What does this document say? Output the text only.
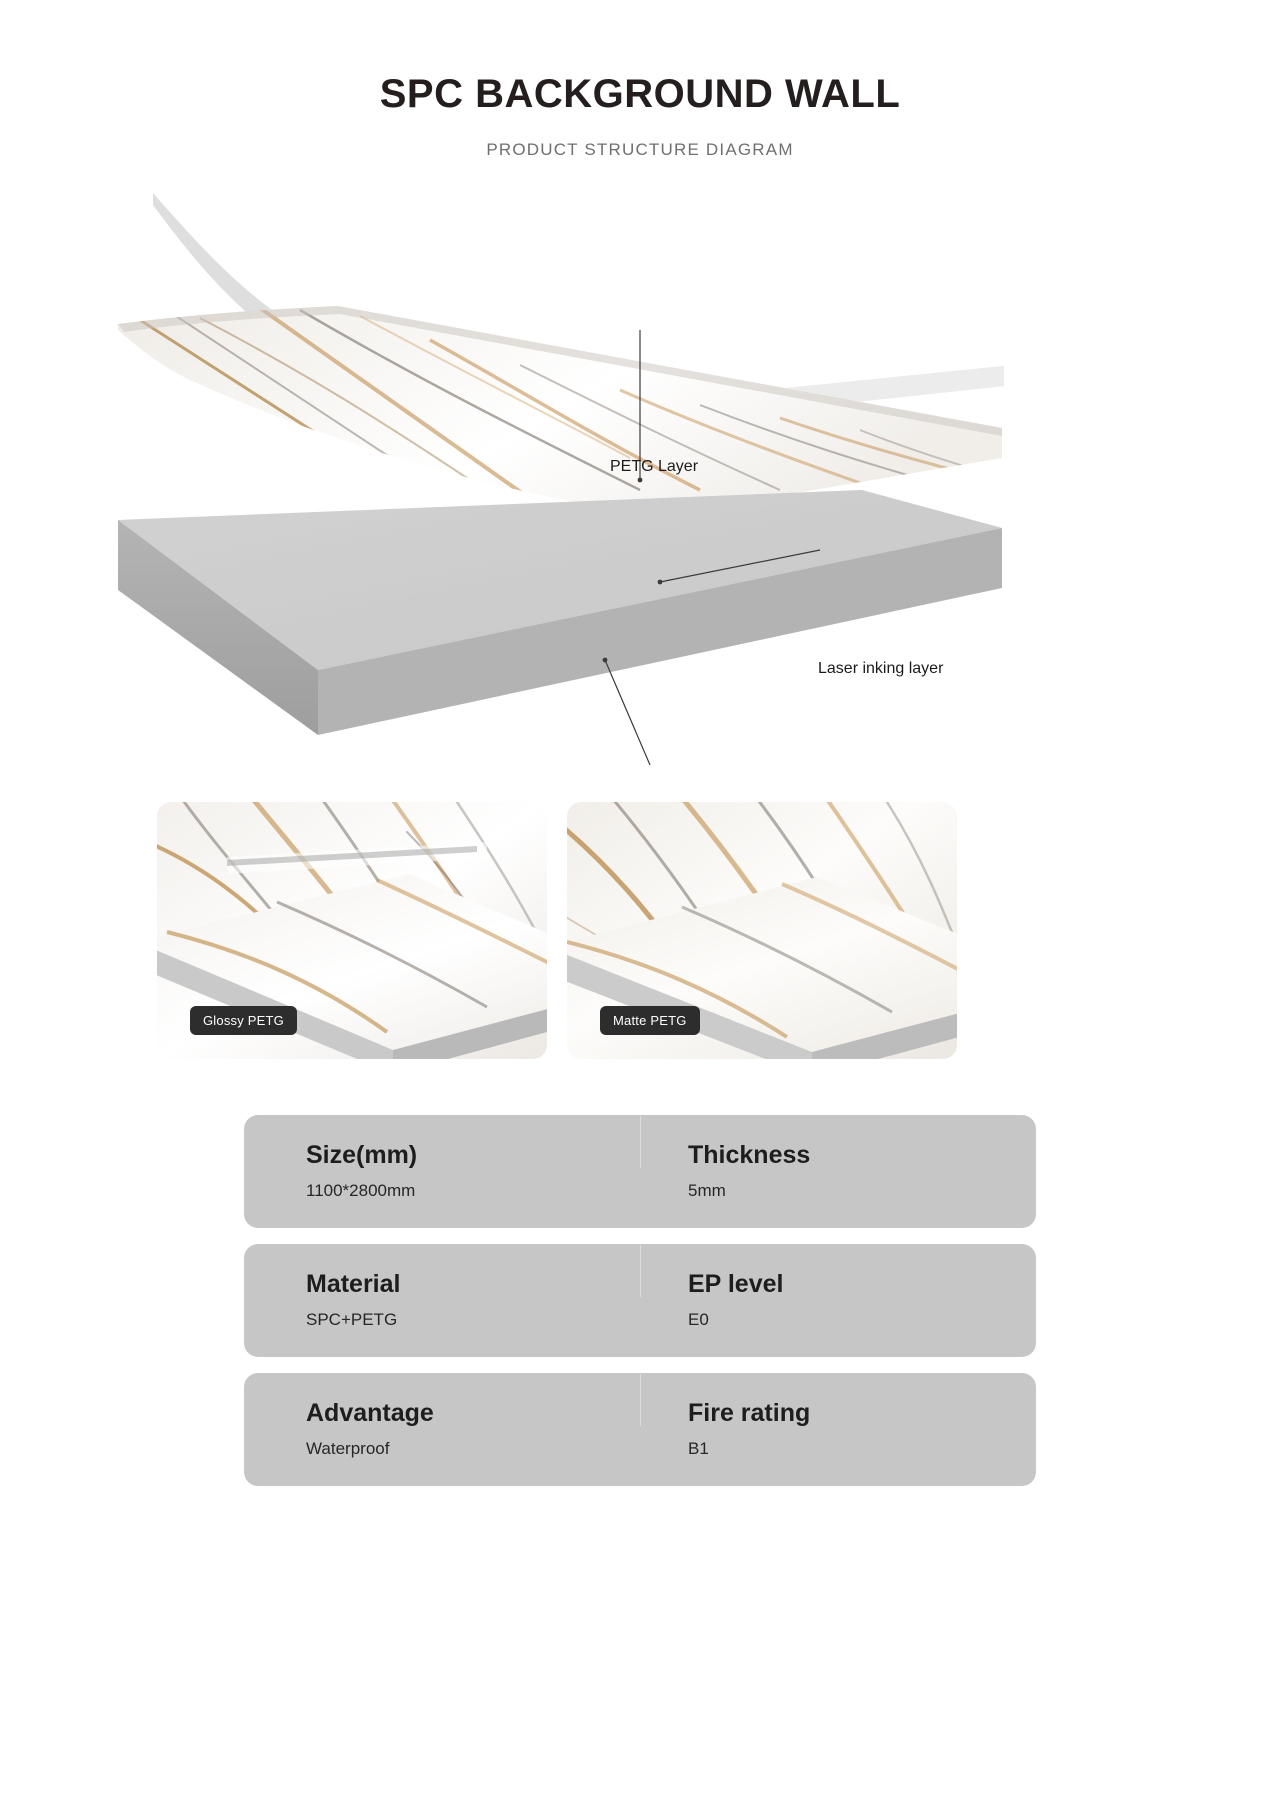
SPC BACKGROUND WALL

PRODUCT STRUCTURE DIAGRAM

PETG Layer
Laser inking layer
Glossy PETG	Matte PETG
Size(mm)
1100*2800mm
Thickness
5mm
Material
SPC+PETG
EP level
E0
Advantage
Waterproof
Fire rating
B1
